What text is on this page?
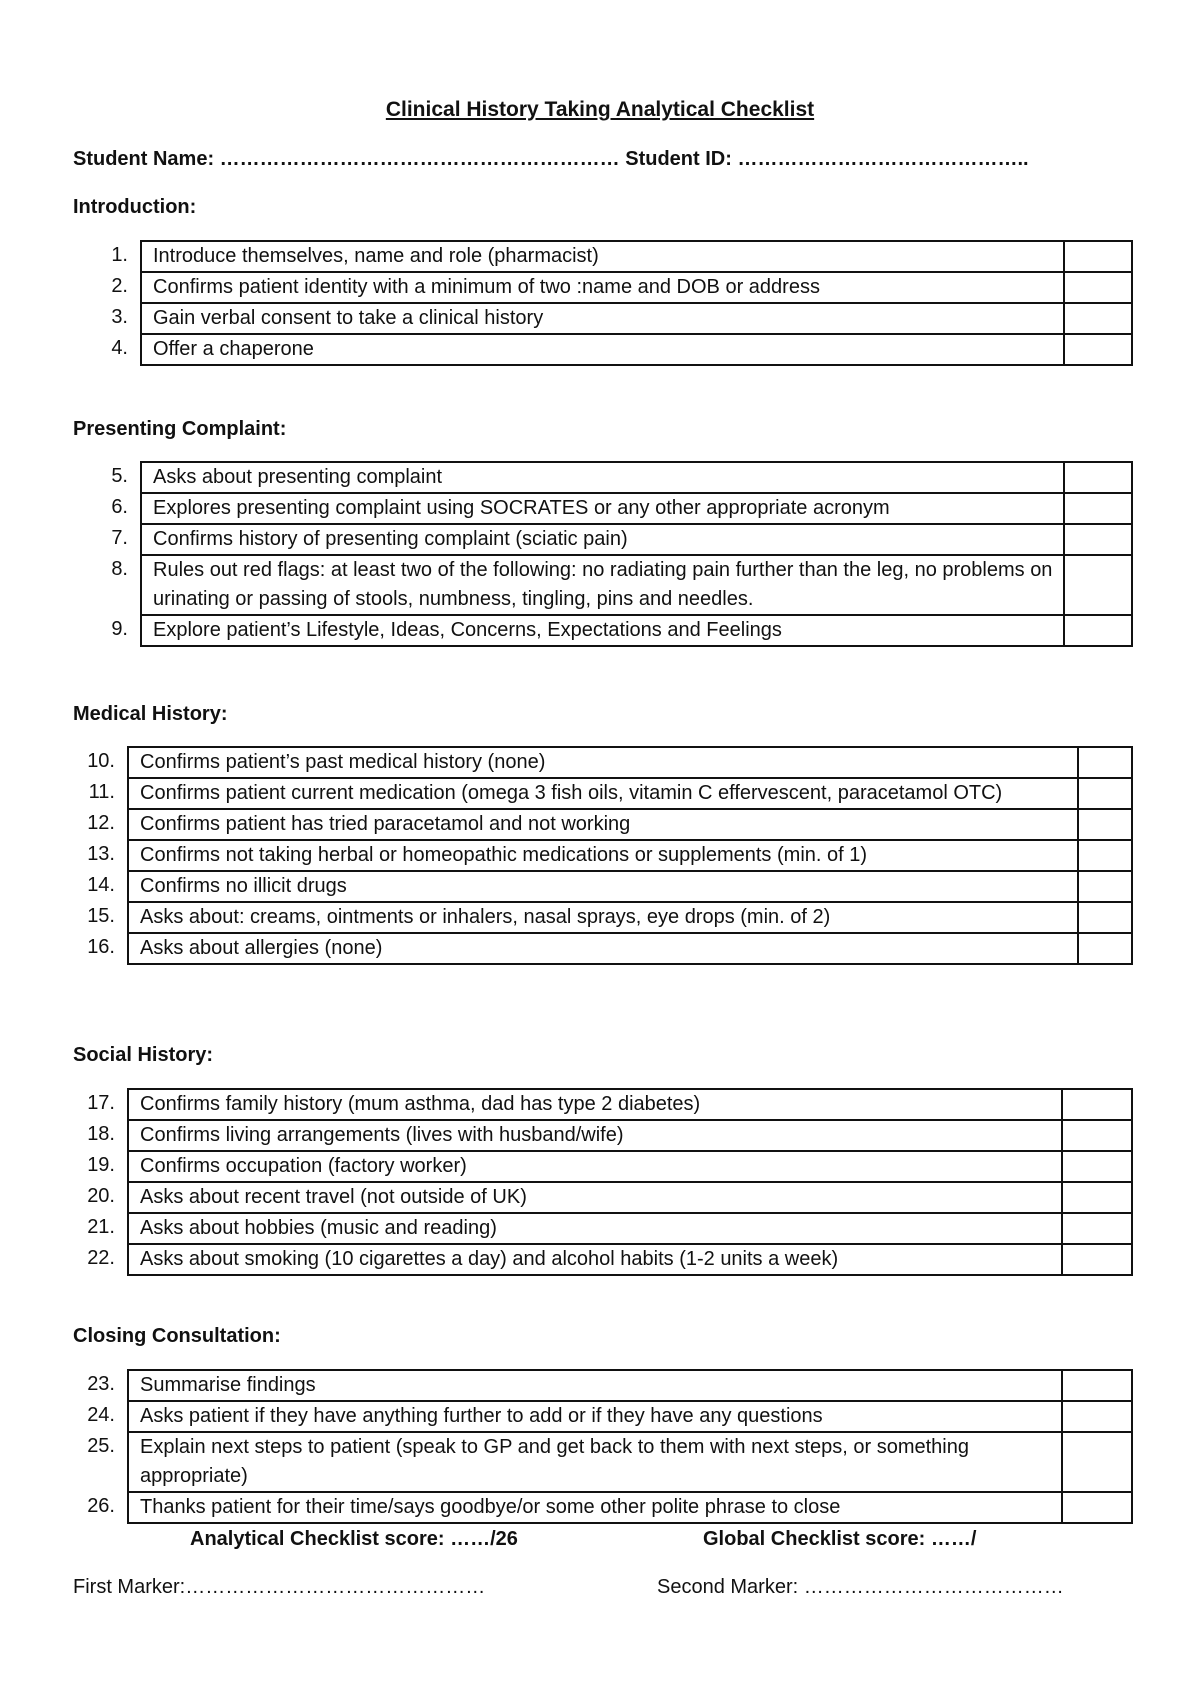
Clinical History Taking Analytical Checklist
Student Name: …………………………………………………… Student ID: ……………………………………..
Introduction:
1.	Introduce themselves, name and role (pharmacist)	
2.	Confirms patient identity with a minimum of two :name and DOB or address	
3.	Gain verbal consent to take a clinical history	
4.	Offer a chaperone	
Presenting Complaint:
5.	Asks about presenting complaint	
6.	Explores presenting complaint using SOCRATES or any other appropriate acronym	
7.	Confirms history of presenting complaint (sciatic pain)	
8.	Rules out red flags: at least two of the following: no radiating pain further than the leg, no problems on urinating or passing of stools, numbness, tingling, pins and needles.	
9.	Explore patient’s Lifestyle, Ideas, Concerns, Expectations and Feelings	
Medical History:
10.	Confirms patient’s past medical history (none)	
11.	Confirms patient current medication (omega 3 fish oils, vitamin C effervescent, paracetamol OTC)	
12.	Confirms patient has tried paracetamol and not working	
13.	Confirms not taking herbal or homeopathic medications or supplements (min. of 1)	
14.	Confirms no illicit drugs	
15.	Asks about: creams, ointments or inhalers, nasal sprays, eye drops (min. of 2)	
16.	Asks about allergies (none)	
Social History:
17.	Confirms family history (mum asthma, dad has type 2 diabetes)	
18.	Confirms living arrangements (lives with husband/wife)	
19.	Confirms occupation (factory worker)	
20.	Asks about recent travel (not outside of UK)	
21.	Asks about hobbies (music and reading)	
22.	Asks about smoking (10 cigarettes a day) and alcohol habits (1-2 units a week)	
Closing Consultation:
23.	Summarise findings	
24.	Asks patient if they have anything further to add or if they have any questions	
25.	Explain next steps to patient (speak to GP and get back to them with next steps, or something appropriate)	
26.	Thanks patient for their time/says goodbye/or some other polite phrase to close	
Analytical Checklist score: ……/26	Global Checklist score: ……/
First Marker:………………………………………	Second Marker: …………………………………
